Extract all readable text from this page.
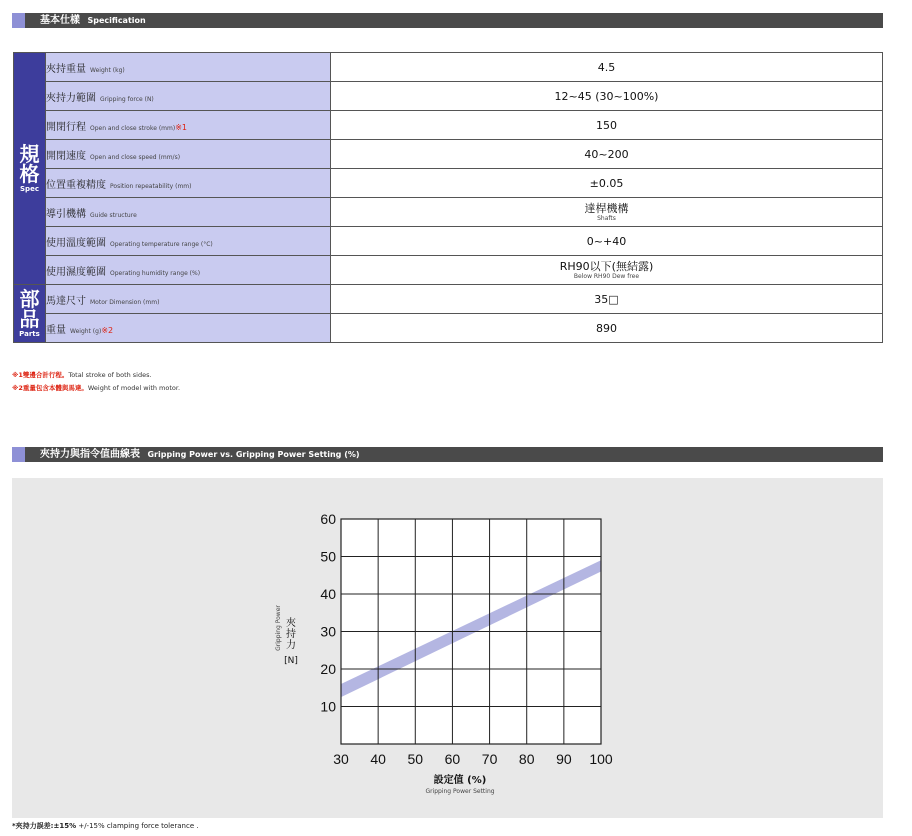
基本仕樣 Specification
規格
Spec	夾持重量 Weight (kg)	4.5
	夾持力範圍 Gripping force (N)	12~45 (30~100%)
	開閉行程 Open and close stroke (mm)※1	150
	開閉速度 Open and close speed (mm/s)	40~200
	位置重複精度 Position repeatability (mm)	±0.05
	導引機構 Guide structure	達桿機構
Shafts

	使用溫度範圍 Operating temperature range (°C)	0~+40
	使用濕度範圍 Operating humidity range (%)	RH90以下(無結露)
Below RH90 Dew free

部品
Parts	馬達尺寸 Motor Dimension (mm)	35□
	重量 Weight (g)※2	890
※1雙邊合計行程。Total stroke of both sides.
※2重量包含本體與馬達。Weight of model with motor.
夾持力與指令值曲線表 Gripping Power vs. Gripping Power Setting (%)
30 40 50 60 70 80 90 100
10
20
30
40
50
60
設定值 (%)
Gripping Power Setting
夾持力
[N]
Gripping Power
*夾持力誤差:±15% +/-15% clamping force tolerance .
